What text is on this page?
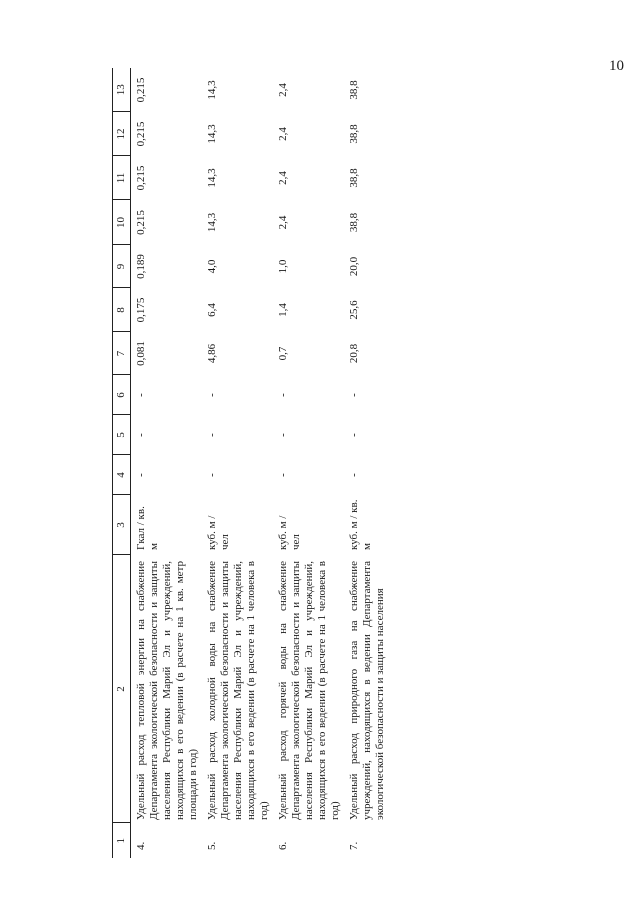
10
1	2	3	4	5	6	7	8	9	10	11	12	13
4.	Удельный расход тепловой энергии на снабжение Департамента экологической безопасности и защиты населения Республики Марий Эл и учреждений, находящихся в его ведении (в расчете на 1 кв. метр площади в год)	Гкал / кв. м	-	-	-	0,081	0,175	0,189	0,215	0,215	0,215	0,215
5.	Удельный расход холодной воды на снабжение Департамента экологической безопасности и защиты населения Республики Марий Эл и учреждений, находящихся в его ведении (в расчете на 1 человека в год)	куб. м / чел	-	-	-	4,86	6,4	4,0	14,3	14,3	14,3	14,3
6.	Удельный расход горячей воды на снабжение Департамента экологической безопасности и защиты населения Республики Марий Эл и учреждений, находящихся в его ведении (в расчете на 1 человека в год)	куб. м / чел	-	-	-	0,7	1,4	1,0	2,4	2,4	2,4	2,4
7.	Удельный расход природного газа на снабжение учреждений, находящихся в ведении Департамента экологической безопасности и защиты населения	куб. м / кв. м	-	-	-	20,8	25,6	20,0	38,8	38,8	38,8	38,8
